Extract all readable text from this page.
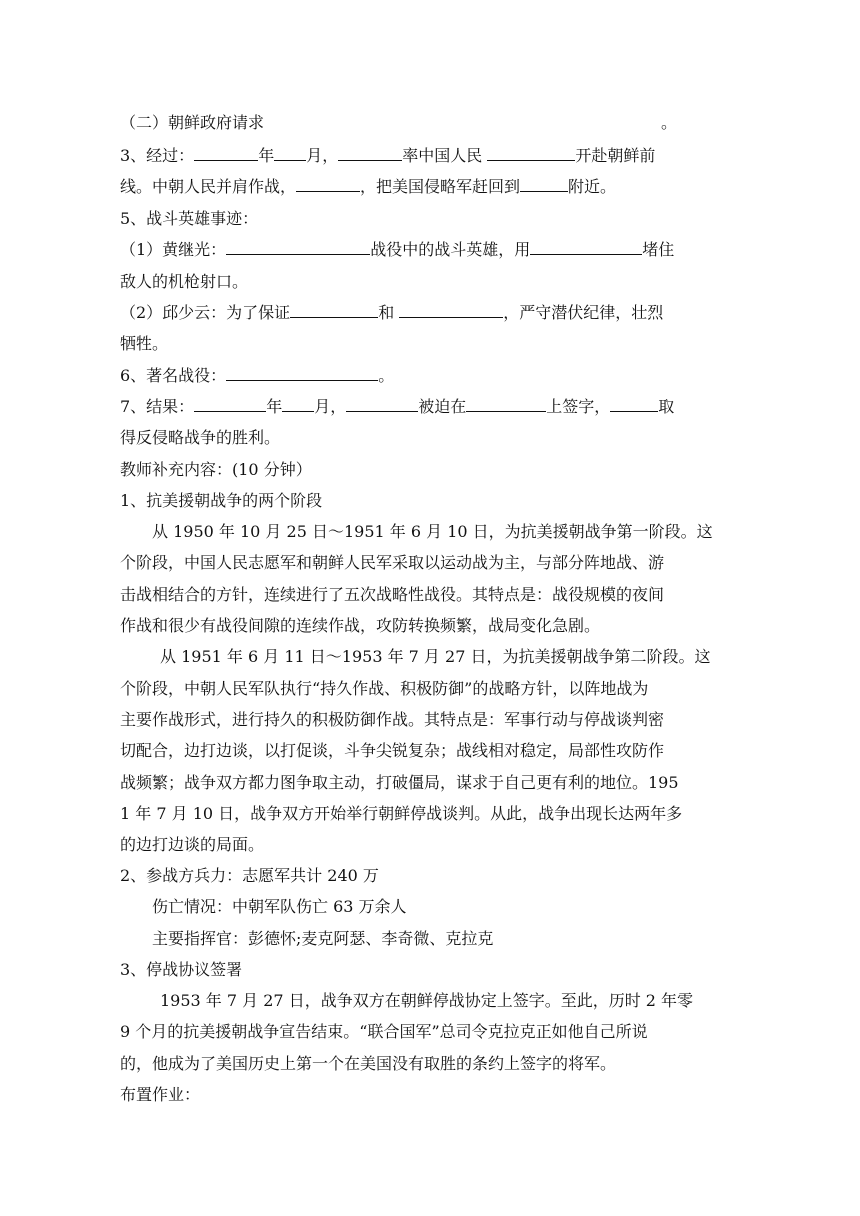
（二）朝鲜政府请求	。
3、经过：	年 月，	率中国人民	开赴朝鲜前
线。中朝人民并肩作战，	，把美国侵略军赶回到	附近。
5、战斗英雄事迹：
（1）黄继光：	战役中的战斗英雄，用	堵住
敌人的机枪射口。
（2）邱少云：为了保证	和	，严守潜伏纪律，壮烈
牺牲。
6、著名战役：	。
7、结果：	年 月，	被迫在	上签字，	取
得反侵略战争的胜利。
教师补充内容：(10 分钟）
1、抗美援朝战争的两个阶段
从 1950 年 10 月 25 日～1951 年 6 月 10 日，为抗美援朝战争第一阶段。这
个阶段，中国人民志愿军和朝鲜人民军采取以运动战为主，与部分阵地战、游
击战相结合的方针，连续进行了五次战略性战役。其特点是：战役规模的夜间
作战和很少有战役间隙的连续作战，攻防转换频繁，战局变化急剧。
从 1951 年 6 月 11 日～1953 年 7 月 27 日，为抗美援朝战争第二阶段。这
个阶段，中朝人民军队执行“持久作战、积极防御”的战略方针，以阵地战为
主要作战形式，进行持久的积极防御作战。其特点是：军事行动与停战谈判密
切配合，边打边谈，以打促谈，斗争尖锐复杂；战线相对稳定，局部性攻防作
战频繁；战争双方都力图争取主动，打破僵局，谋求于自己更有利的地位。195
1 年 7 月 10 日，战争双方开始举行朝鲜停战谈判。从此，战争出现长达两年多
的边打边谈的局面。
2、参战方兵力：志愿军共计 240 万
伤亡情况：中朝军队伤亡 63 万余人
主要指挥官：彭德怀;麦克阿瑟、李奇微、克拉克
3、停战协议签署
1953 年 7 月 27 日，战争双方在朝鲜停战协定上签字。至此，历时 2 年零
9 个月的抗美援朝战争宣告结束。“联合国军”总司令克拉克正如他自己所说
的，他成为了美国历史上第一个在美国没有取胜的条约上签字的将军。
布置作业：
